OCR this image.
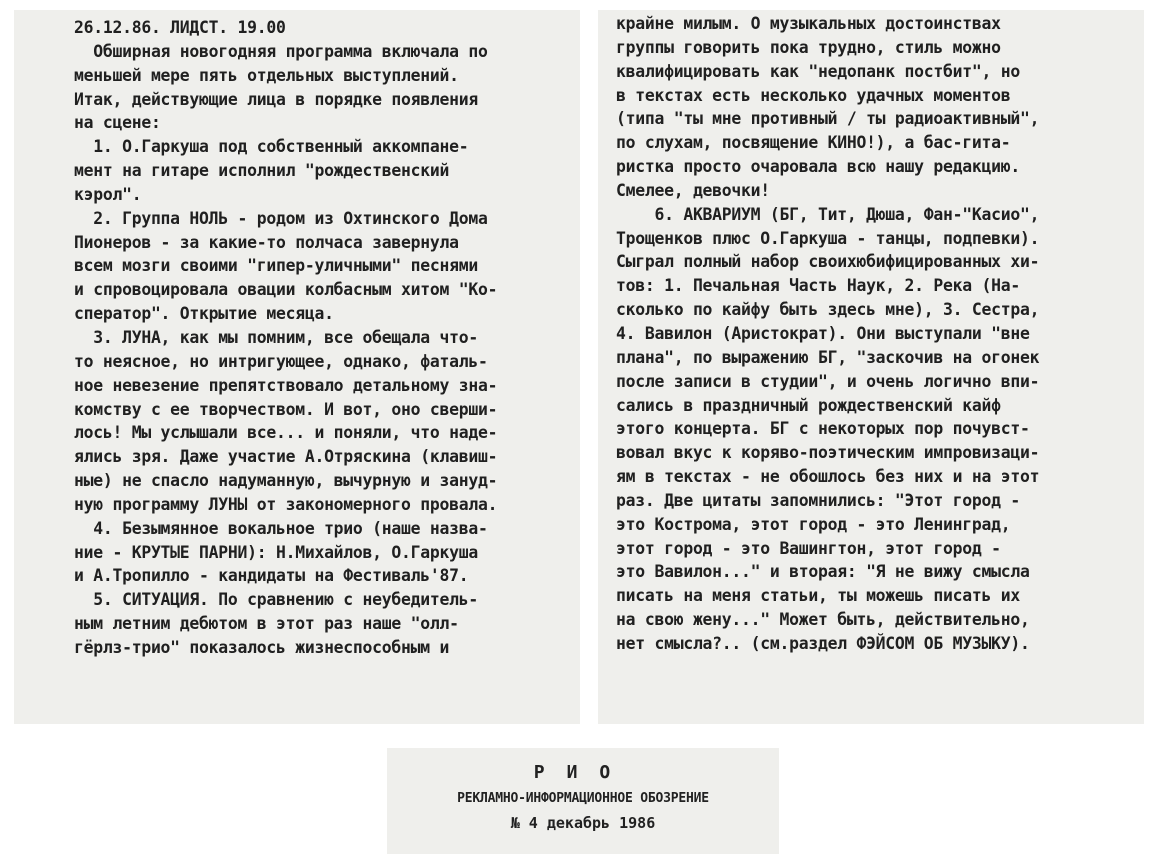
26.12.86. ЛИДСТ. 19.00
Обширная новогодняя программа включала по
меньшей мере пять отдельных выступлений.
Итак, действующие лица в порядке появления
на сцене:
1. О.Гаркуша под собственный аккомпане-
мент на гитаре исполнил "рождественский
кэрол".
2. Группа НОЛЬ - родом из Охтинского Дома
Пионеров - за какие-то полчаса завернула
всем мозги своими "гипер-уличными" песнями
и спровоцировала овации колбасным хитом "Ко-
сператор". Открытие месяца.
3. ЛУНА, как мы помним, все обещала что-
то неясное, но интригующее, однако, фаталь-
ное невезение препятствовало детальному зна-
комству с ее творчеством. И вот, оно сверши-
лось! Мы услышали все... и поняли, что наде-
ялись зря. Даже участие А.Отряскина (клавиш-
ные) не спасло надуманную, вычурную и зануд-
ную программу ЛУНЫ от закономерного провала.
4. Безымянное вокальное трио (наше назва-
ние - КРУТЫЕ ПАРНИ): Н.Михайлов, О.Гаркуша
и А.Тропилло - кандидаты на Фестиваль'87.
5. СИТУАЦИЯ. По сравнению с неубедитель-
ным летним дебютом в этот раз наше "олл-
гёрлз-трио" показалось жизнеспособным и
крайне милым. О музыкальных достоинствах
группы говорить пока трудно, стиль можно
квалифицировать как "недопанк постбит", но
в текстах есть несколько удачных моментов
(типа "ты мне противный / ты радиоактивный",
по слухам, посвящение КИНО!), а бас-гита-
ристка просто очаровала всю нашу редакцию.
Смелее, девочки!
6. АКВАРИУМ (БГ, Тит, Дюша, Фан-"Касио",
Трощенков плюс О.Гаркуша - танцы, подпевки).
Сыграл полный набор своихюбифицированных хи-
тов: 1. Печальная Часть Наук, 2. Река (На-
сколько по кайфу быть здесь мне), 3. Сестра,
4. Вавилон (Аристократ). Они выступали "вне
плана", по выражению БГ, "заскочив на огонек
после записи в студии", и очень логично впи-
сались в праздничный рождественский кайф
этого концерта. БГ с некоторых пор почувст-
вовал вкус к корявo-поэтическим импровизаци-
ям в текстах - не обошлось без них и на этот
раз. Две цитаты запомнились: "Этот город -
это Кострома, этот город - это Ленинград,
этот город - это Вашингтон, этот город -
это Вавилон..." и вторая: "Я не вижу смысла
писать на меня статьи, ты можешь писать их
на свою жену..." Может быть, действительно,
нет смысла?.. (см.раздел ФЭЙСОМ ОБ МУЗЫКУ).
РИО
РЕКЛАМНО-ИНФОРМАЦИОННОЕ ОБОЗРЕНИЕ
№ 4 декабрь 1986
